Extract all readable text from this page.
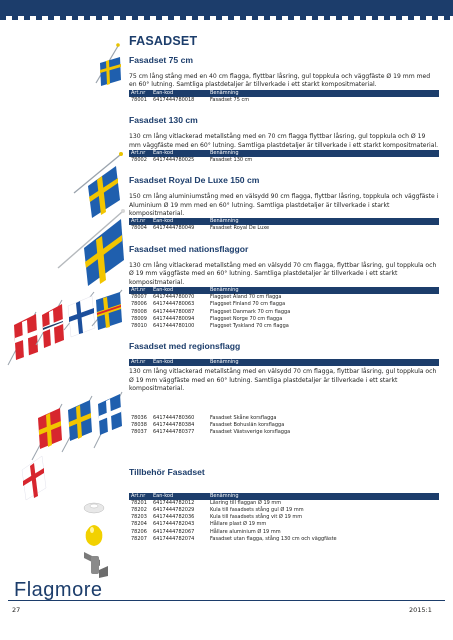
FASADSET
Fasadset 75 cm

75 cm lång stång med en 40 cm flagga, flyttbar låsring, gul toppkula och väggfäste Ø 19 mm med en 60° lutning. Samtliga plastdetaljer är tillverkade i ett starkt kompositmaterial.

Art.nr	Ean-kod	Benämning
78001	6417444780018	Fasadset 75 cm
Fasadset 130 cm

130 cm lång vitlackerad metallstång med en 70 cm flagga flyttbar låsring, gul toppkula och Ø 19 mm väggfäste med en 60° lutning. Samtliga plastdetaljer är tillverkade i ett starkt kompositmaterial.

Art.nr	Ean-kod	Benämning
78002	6417444780025	Fasadset 130 cm
Fasadset Royal De Luxe 150 cm

150 cm lång aluminiumstång med en välsydd 90 cm flagga, flyttbar låsring, toppkula och väggfäste i Aluminium Ø 19 mm med en 60° lutning. Samtliga plastdetaljer är tillverkade i starkt kompositmaterial.

Art.nr	Ean-kod	Benämning
78004	6417444780049	Fasadset Royal De Luxe
Fasadset med nationsflaggor

130 cm lång vitlackerad metallstång med en välsydd 70 cm flagga, flyttbar låsring, gul toppkula och Ø 19 mm väggfäste med en 60° lutning. Samtliga plastdetaljer är tillverkade i ett starkt kompositmaterial.

Art.nr	Ean-kod	Benämning
78007	6417444780070	Flaggset Åland 70 cm flagga
78006	6417444780063	Flaggset Finland 70 cm flagga
78008	6417444780087	Flaggset Danmark 70 cm flagga
78009	6417444780094	Flaggset Norge 70 cm flagga
78010	6417444780100	Flaggset Tyskland 70 cm flagga
Fasadset med regionsflagg
Art.nr	Ean-kod	Benämning

130 cm lång vitlackerad metallstång med en välsydd 70 cm flagga, flyttbar låsring, gul toppkula och Ø 19 mm väggfäste med en 60° lutning. Samtliga plastdetaljer är tillverkade i ett starkt kompositmaterial.

78036	6417444780360	Fasadset Skåne korsflagga
78038	6417444780384	Fasadset Bohuslän korsflagga
78037	6417444780377	Fasadset Västsverige korsflagga
Tillbehör Fasadset
Art.nr	Ean-kod	Benämning
78201	6417444782012	Låsring till flaggan Ø 19 mm
78202	6417444782029	Kula till fasadsets stång gul Ø 19 mm
78203	6417444782036	Kula till fasadsets stång vit Ø 19 mm
78204	6417444782043	Hållare plast Ø 19 mm
78206	6417444782067	Hållare aluminium Ø 19 mm
78207	6417444782074	Fasadset utan flagga, stång 130 cm och väggfäste
Flagmore
27	2015:1
